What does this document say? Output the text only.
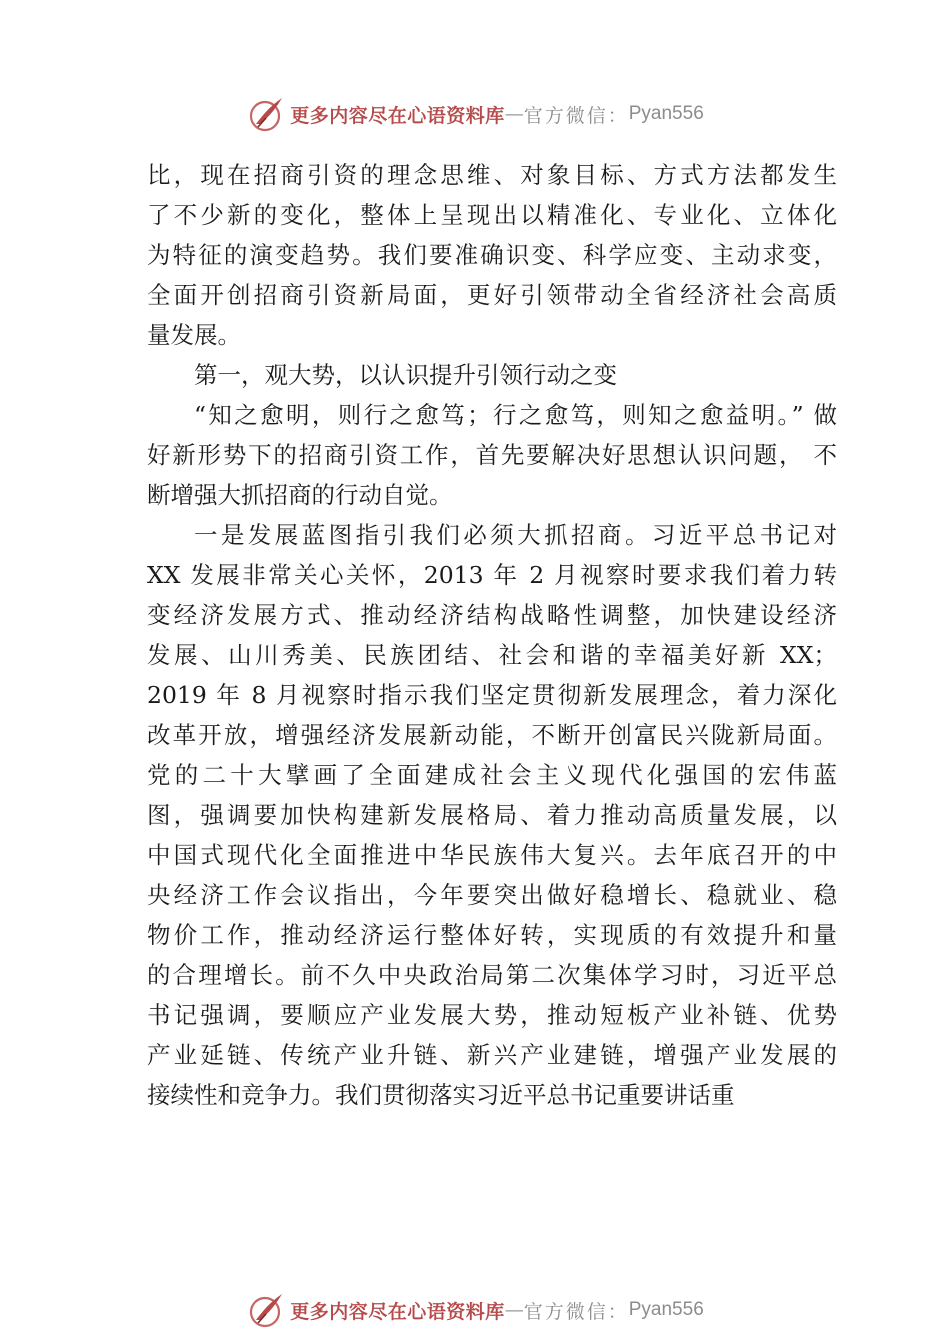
更多内容尽在心语资料库 — 官方微信： Pyan556
比，现在招商引资的理念思维、对象目标、方式方法都发生
了不少新的变化，整体上呈现出以精准化、专业化、立体化
为特征的演变趋势。我们要准确识变、科学应变、主动求变，
全面开创招商引资新局面，更好引领带动全省经济社会高质
量发展。
第一，观大势，以认识提升引领行动之变
“知之愈明，则行之愈笃；行之愈笃，则知之愈益明。” 做
好新形势下的招商引资工作，首先要解决好思想认识问题， 不
断增强大抓招商的行动自觉。
一是发展蓝图指引我们必须大抓招商。习近平总书记对
XX 发展非常关心关怀，2013 年 2 月视察时要求我们着力转
变经济发展方式、推动经济结构战略性调整，加快建设经济
发展、山川秀美、民族团结、社会和谐的幸福美好新 XX；
2019 年 8 月视察时指示我们坚定贯彻新发展理念，着力深化
改革开放，增强经济发展新动能，不断开创富民兴陇新局面。
党的二十大擘画了全面建成社会主义现代化强国的宏伟蓝
图，强调要加快构建新发展格局、着力推动高质量发展，以
中国式现代化全面推进中华民族伟大复兴。去年底召开的中
央经济工作会议指出，今年要突出做好稳增长、稳就业、稳
物价工作，推动经济运行整体好转，实现质的有效提升和量
的合理增长。前不久中央政治局第二次集体学习时，习近平总
书记强调，要顺应产业发展大势，推动短板产业补链、优势
产业延链、传统产业升链、新兴产业建链，增强产业发展的
接续性和竞争力。我们贯彻落实习近平总书记重要讲话重
更多内容尽在心语资料库 — 官方微信： Pyan556
